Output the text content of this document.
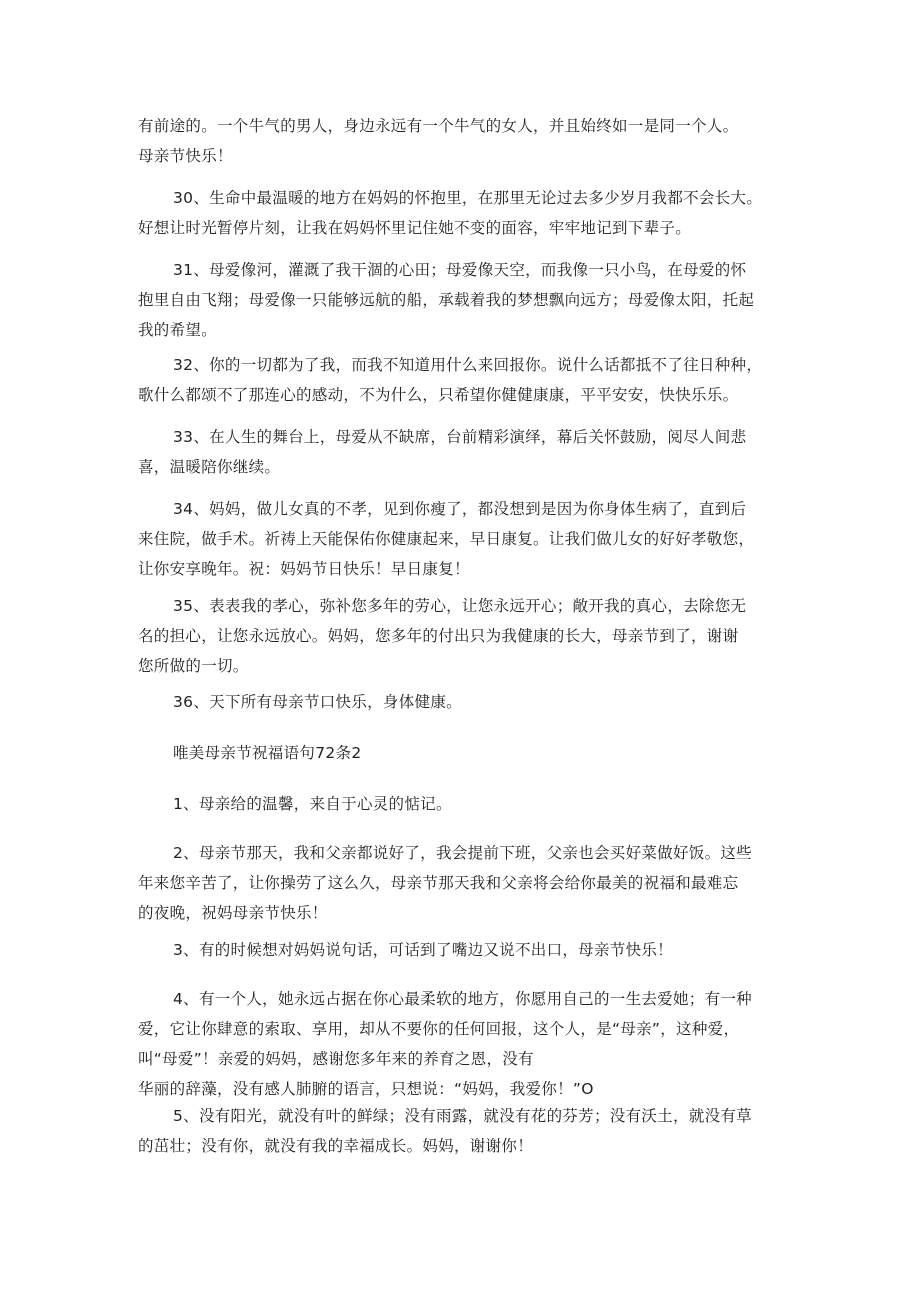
有前途的。一个牛气的男人，身边永远有一个牛气的女人，并且始终如一是同一个人。
母亲节快乐！
30、生命中最温暖的地方在妈妈的怀抱里，在那里无论过去多少岁月我都不会长大。
好想让时光暂停片刻，让我在妈妈怀里记住她不变的面容，牢牢地记到下辈子。
31、母爱像河，灌溉了我干涸的心田；母爱像天空，而我像一只小鸟，在母爱的怀
抱里自由飞翔；母爱像一只能够远航的船，承载着我的梦想飘向远方；母爱像太阳，托起
我的希望。
32、你的一切都为了我，而我不知道用什么来回报你。说什么话都抵不了往日种种，
歌什么都颂不了那连心的感动，不为什么，只希望你健健康康，平平安安，快快乐乐。
33、在人生的舞台上，母爱从不缺席，台前精彩演绎，幕后关怀鼓励，阅尽人间悲
喜，温暖陪你继续。
34、妈妈，做儿女真的不孝，见到你瘦了，都没想到是因为你身体生病了，直到后
来住院，做手术。祈祷上天能保佑你健康起来，早日康复。让我们做儿女的好好孝敬您，
让你安享晚年。祝：妈妈节日快乐！早日康复！
35、表表我的孝心，弥补您多年的劳心，让您永远开心；敞开我的真心，去除您无
名的担心，让您永远放心。妈妈，您多年的付出只为我健康的长大，母亲节到了，谢谢
您所做的一切。
36、天下所有母亲节口快乐，身体健康。
唯美母亲节祝福语句72条2
1、母亲给的温馨，来自于心灵的惦记。
2、母亲节那天，我和父亲都说好了，我会提前下班，父亲也会买好菜做好饭。这些
年来您辛苦了，让你操劳了这么久，母亲节那天我和父亲将会给你最美的祝福和最难忘
的夜晚，祝妈母亲节快乐！
3、有的时候想对妈妈说句话，可话到了嘴边又说不出口，母亲节快乐！
4、有一个人，她永远占据在你心最柔软的地方，你愿用自己的一生去爱她；有一种
爱，它让你肆意的索取、享用，却从不要你的任何回报，这个人，是“母亲”，这种爱，
叫“母爱”！亲爱的妈妈，感谢您多年来的养育之恩，没有
华丽的辞藻，没有感人肺腑的语言，只想说：“妈妈，我爱你！”O
5、没有阳光，就没有叶的鲜绿；没有雨露，就没有花的芬芳；没有沃土，就没有草
的茁壮；没有你，就没有我的幸福成长。妈妈，谢谢你！
